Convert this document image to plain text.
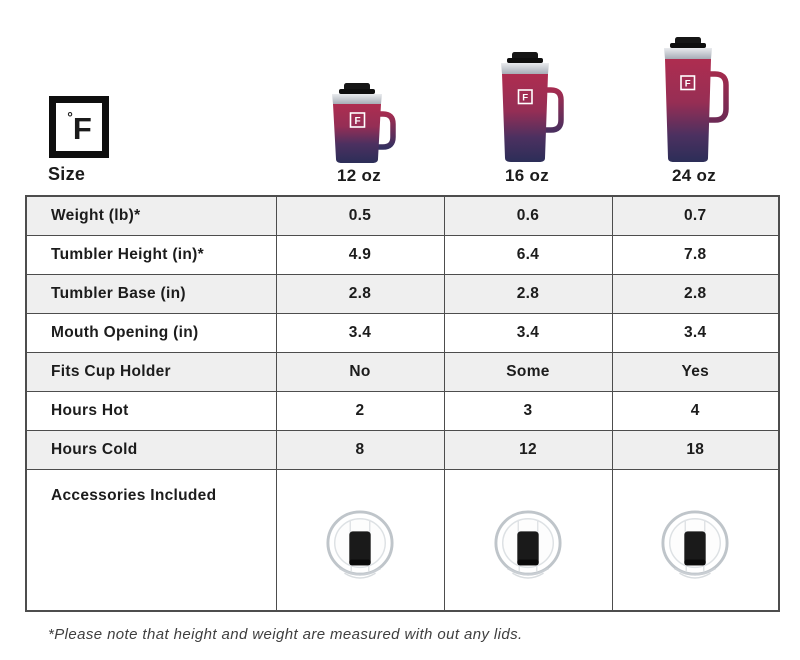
° F
Size	12 oz	16 oz	24 oz
F
F
F
Weight (lb)*	0.5	0.6	0.7
Tumbler Height (in)*	4.9	6.4	7.8
Tumbler Base (in)	2.8	2.8	2.8
Mouth Opening (in)	3.4	3.4	3.4
Fits Cup Holder	No	Some	Yes
Hours Hot	2	3	4
Hours Cold	8	12	18
Accessories Included			
*Please note that height and weight are measured with out any lids.
